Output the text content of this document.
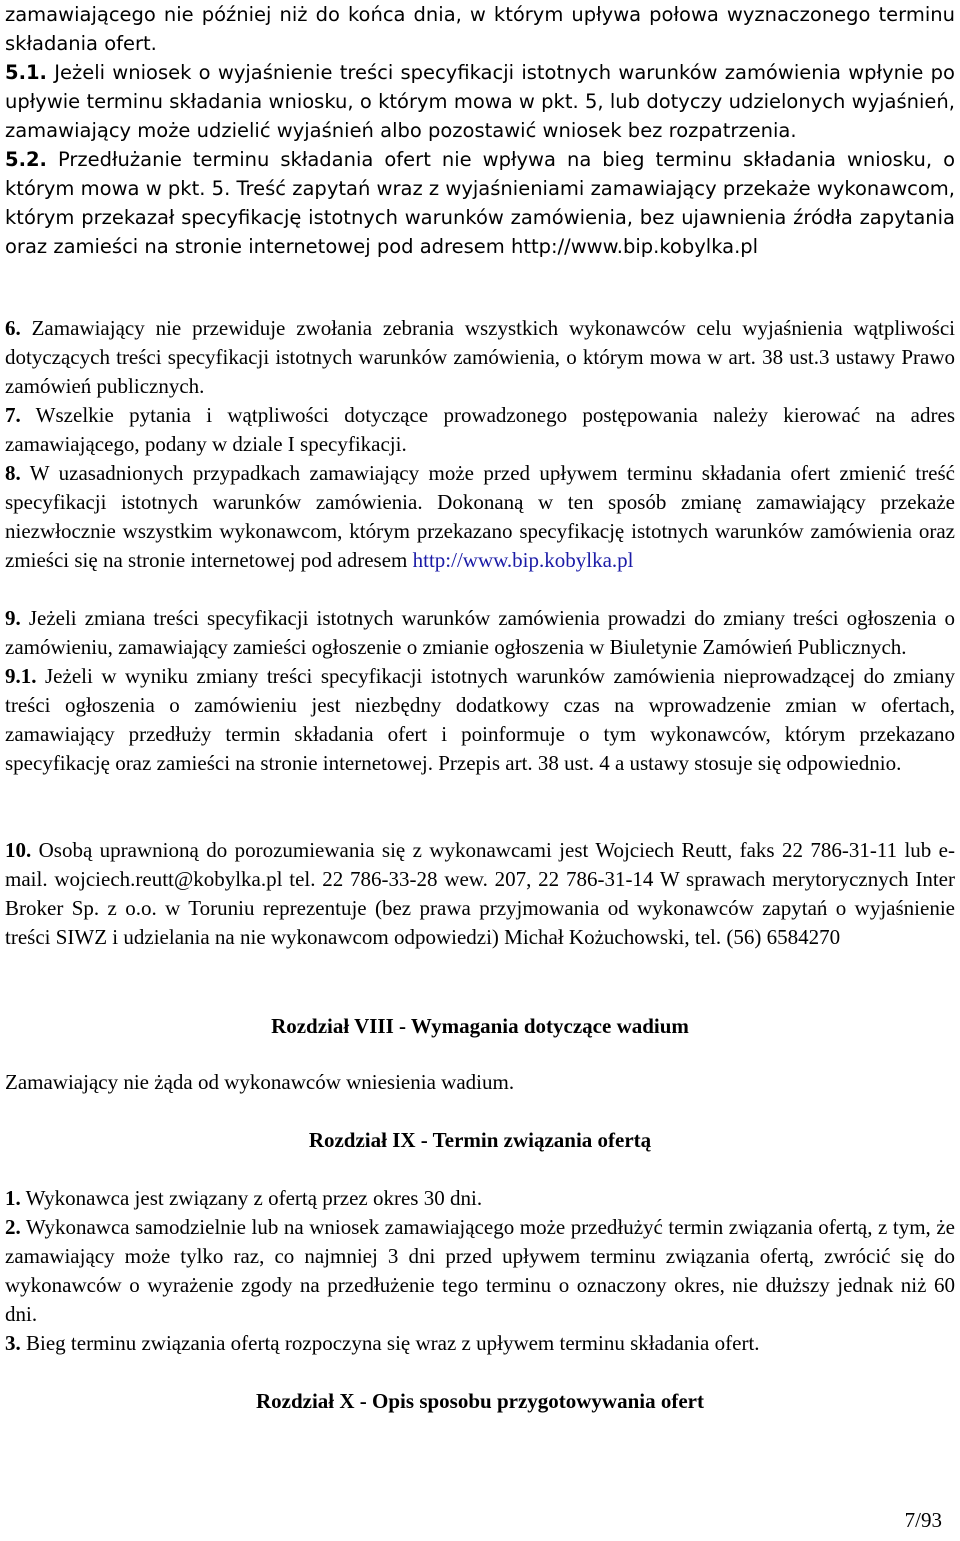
zamawiającego nie później niż do końca dnia, w którym upływa połowa wyznaczonego terminu składania ofert.

5.1. Jeżeli wniosek o wyjaśnienie treści specyfikacji istotnych warunków zamówienia wpłynie po upływie terminu składania wniosku, o którym mowa w pkt. 5, lub dotyczy udzielonych wyjaśnień, zamawiający może udzielić wyjaśnień albo pozostawić wniosek bez rozpatrzenia.

5.2. Przedłużanie terminu składania ofert nie wpływa na bieg terminu składania wniosku, o którym mowa w pkt. 5. Treść zapytań wraz z wyjaśnieniami zamawiający przekaże wykonawcom, którym przekazał specyfikację istotnych warunków zamówienia, bez ujawnienia źródła zapytania oraz zamieści na stronie internetowej pod adresem http://www.bip.kobylka.pl

6. Zamawiający nie przewiduje zwołania zebrania wszystkich wykonawców celu wyjaśnienia wątpliwości dotyczących treści specyfikacji istotnych warunków zamówienia, o którym mowa w art. 38 ust.3 ustawy Prawo zamówień publicznych.

7. Wszelkie pytania i wątpliwości dotyczące prowadzonego postępowania należy kierować na adres zamawiającego, podany w dziale I specyfikacji.

8. W uzasadnionych przypadkach zamawiający może przed upływem terminu składania ofert zmienić treść specyfikacji istotnych warunków zamówienia. Dokonaną w ten sposób zmianę zamawiający przekaże niezwłocznie wszystkim wykonawcom, którym przekazano specyfikację istotnych warunków zamówienia oraz zmieści się na stronie internetowej pod adresem http://www.bip.kobylka.pl

9. Jeżeli zmiana treści specyfikacji istotnych warunków zamówienia prowadzi do zmiany treści ogłoszenia o zamówieniu, zamawiający zamieści ogłoszenie o zmianie ogłoszenia w Biuletynie Zamówień Publicznych.

9.1. Jeżeli w wyniku zmiany treści specyfikacji istotnych warunków zamówienia nieprowadzącej do zmiany treści ogłoszenia o zamówieniu jest niezbędny dodatkowy czas na wprowadzenie zmian w ofertach, zamawiający przedłuży termin składania ofert i poinformuje o tym wykonawców, którym przekazano specyfikację oraz zamieści na stronie internetowej. Przepis art. 38 ust. 4 a ustawy stosuje się odpowiednio.

10. Osobą uprawnioną do porozumiewania się z wykonawcami jest Wojciech Reutt, faks 22 786-31-11 lub e-mail. wojciech.reutt@kobylka.pl tel. 22 786-33-28 wew. 207, 22 786-31-14 W sprawach merytorycznych Inter Broker Sp. z o.o. w Toruniu reprezentuje (bez prawa przyjmowania od wykonawców zapytań o wyjaśnienie treści SIWZ i udzielania na nie wykonawcom odpowiedzi) Michał Kożuchowski, tel. (56) 6584270

Rozdział VIII - Wymagania dotyczące wadium

Zamawiający nie żąda od wykonawców wniesienia wadium.

Rozdział IX - Termin związania ofertą

1. Wykonawca jest związany z ofertą przez okres 30 dni.

2. Wykonawca samodzielnie lub na wniosek zamawiającego może przedłużyć termin związania ofertą, z tym, że zamawiający może tylko raz, co najmniej 3 dni przed upływem terminu związania ofertą, zwrócić się do wykonawców o wyrażenie zgody na przedłużenie tego terminu o oznaczony okres, nie dłuższy jednak niż 60 dni.

3. Bieg terminu związania ofertą rozpoczyna się wraz z upływem terminu składania ofert.

Rozdział X - Opis sposobu przygotowywania ofert

7/93
